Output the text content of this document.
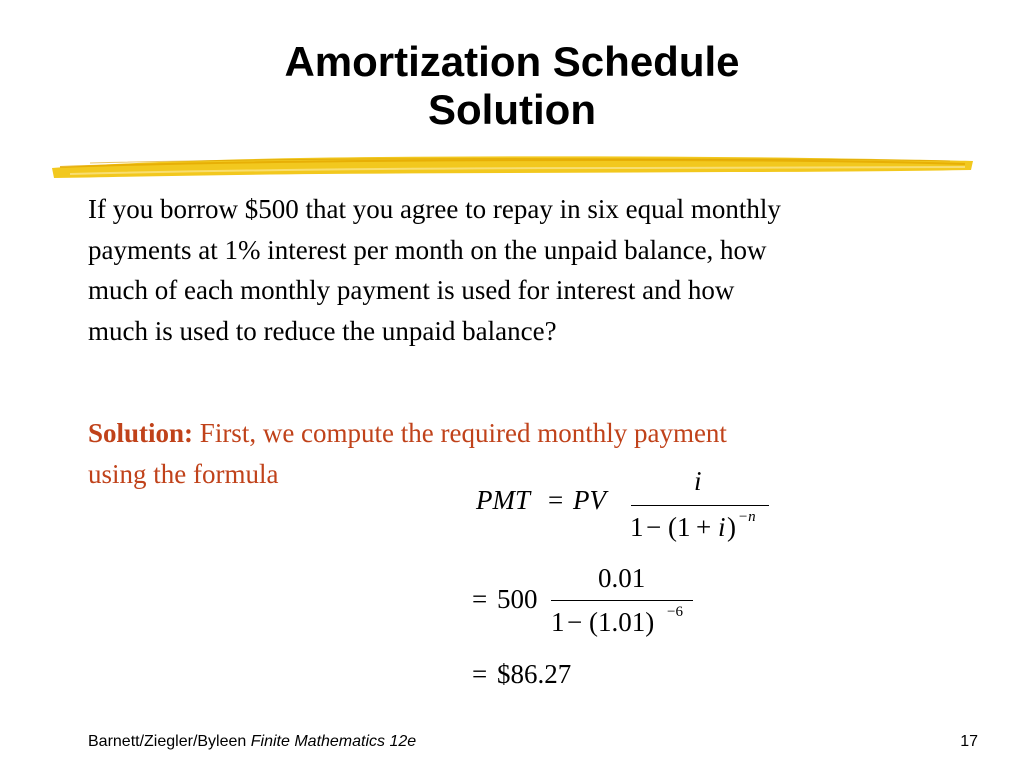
Amortization Schedule
Solution
If you borrow $500 that you agree to repay in six equal monthly payments at 1% interest per month on the unpaid balance, how much of each monthly payment is used for interest and how much is used to reduce the unpaid balance?
Solution: First, we compute the required monthly payment using the formula
PMT = PV
i
1 − (1 + i ) −n
= 500
0.01
1 − (1.01) −6
= $86.27
Barnett/Ziegler/Byleen Finite Mathematics 12e	17
